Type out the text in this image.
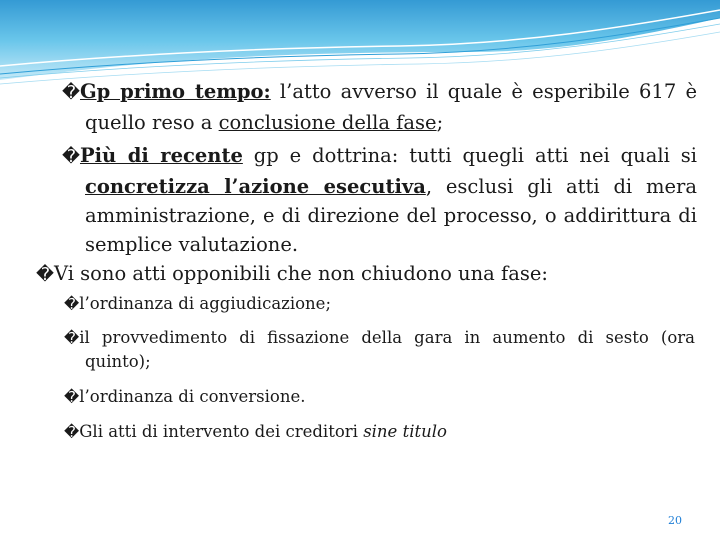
�Gp primo tempo: l’atto avverso il quale è esperibile 617 è quello reso a conclusione della fase;

�Più di recente gp e dottrina: tutti quegli atti nei quali si concretizza l’azione esecutiva, esclusi gli atti di mera amministrazione, e di direzione del processo, o addirittura di semplice valutazione.

�Vi sono atti opponibili che non chiudono una fase:

�l’ordinanza di aggiudicazione;

�il provvedimento di fissazione della gara in aumento di sesto (ora quinto);

�l’ordinanza di conversione.

�Gli atti di intervento dei creditori sine titulo

20
